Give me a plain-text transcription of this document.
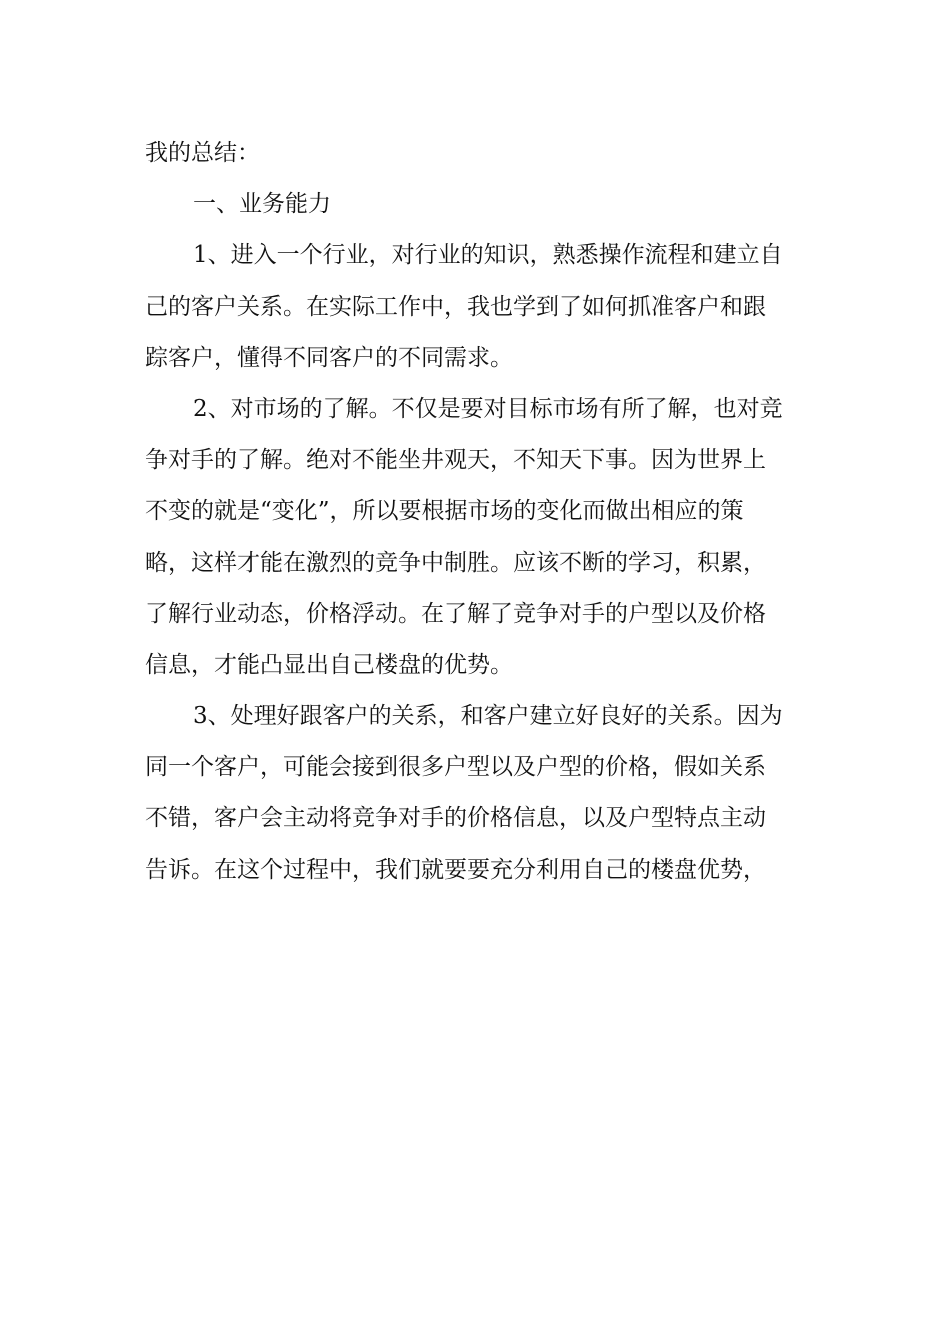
我的总结：
一、业务能力
1、进入一个行业，对行业的知识，熟悉操作流程和建立自
己的客户关系。在实际工作中，我也学到了如何抓准客户和跟
踪客户，懂得不同客户的不同需求。
2、对市场的了解。不仅是要对目标市场有所了解，也对竞
争对手的了解。绝对不能坐井观天，不知天下事。因为世界上
不变的就是“变化”，所以要根据市场的变化而做出相应的策
略，这样才能在激烈的竞争中制胜。应该不断的学习，积累，
了解行业动态，价格浮动。在了解了竞争对手的户型以及价格
信息，才能凸显出自己楼盘的优势。
3、处理好跟客户的关系，和客户建立好良好的关系。因为
同一个客户，可能会接到很多户型以及户型的价格，假如关系
不错，客户会主动将竞争对手的价格信息，以及户型特点主动
告诉。在这个过程中，我们就要要充分利用自己的楼盘优势，
